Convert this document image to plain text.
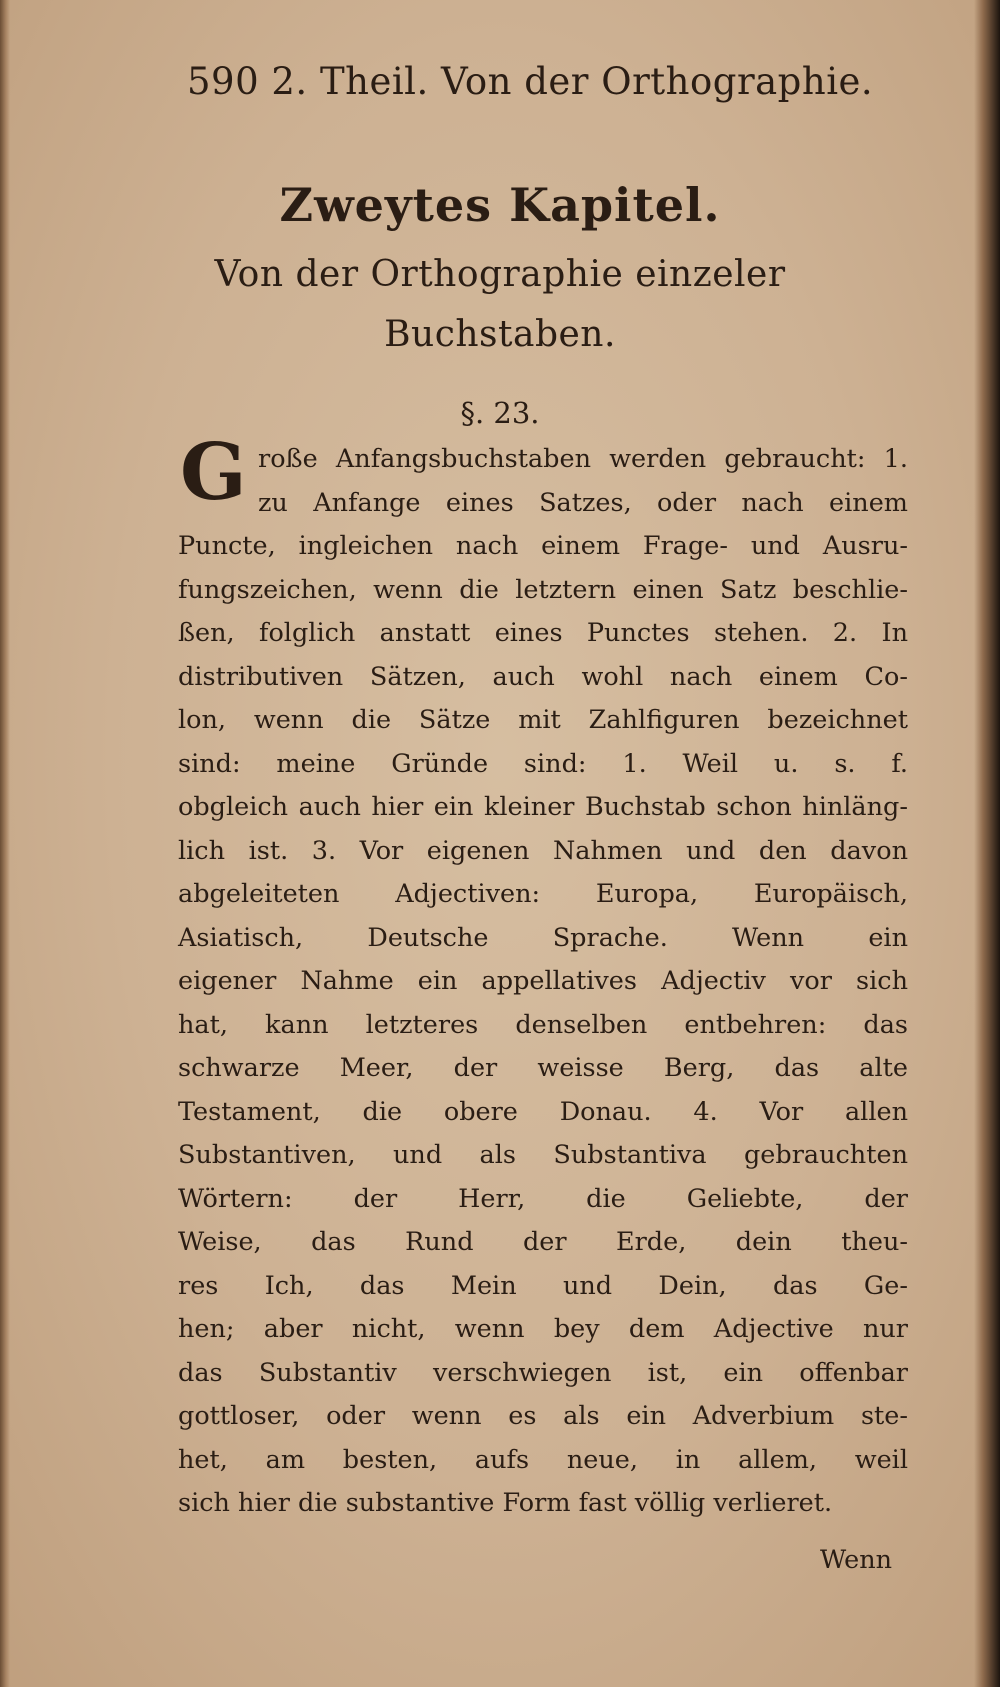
590 2. Theil. Von der Orthographie.
Zweytes Kapitel.
Von der Orthographie einzeler
Buchstaben.
§. 23.
G roße Anfangsbuchstaben werden gebraucht: 1.
zu Anfange eines Satzes, oder nach einem
Puncte, ingleichen nach einem Frage- und Ausru-
fungszeichen, wenn die letztern einen Satz beschlie-
ßen, folglich anstatt eines Punctes stehen. 2. In
distributiven Sätzen, auch wohl nach einem Co-
lon, wenn die Sätze mit Zahlfiguren bezeichnet
sind: meine Gründe sind: 1. Weil u. s. f.
obgleich auch hier ein kleiner Buchstab schon hinläng-
lich ist. 3. Vor eigenen Nahmen und den davon
abgeleiteten Adjectiven: Europa, Europäisch,
Asiatisch, Deutsche Sprache. Wenn ein
eigener Nahme ein appellatives Adjectiv vor sich
hat, kann letzteres denselben entbehren: das
schwarze Meer, der weisse Berg, das alte
Testament, die obere Donau. 4. Vor allen
Substantiven, und als Substantiva gebrauchten
Wörtern: der Herr, die Geliebte, der
Weise, das Rund der Erde, dein theu-
res Ich, das Mein und Dein, das Ge-
hen; aber nicht, wenn bey dem Adjective nur
das Substantiv verschwiegen ist, ein offenbar
gottloser, oder wenn es als ein Adverbium ste-
het, am besten, aufs neue, in allem, weil
sich hier die substantive Form fast völlig verlieret.
Wenn
